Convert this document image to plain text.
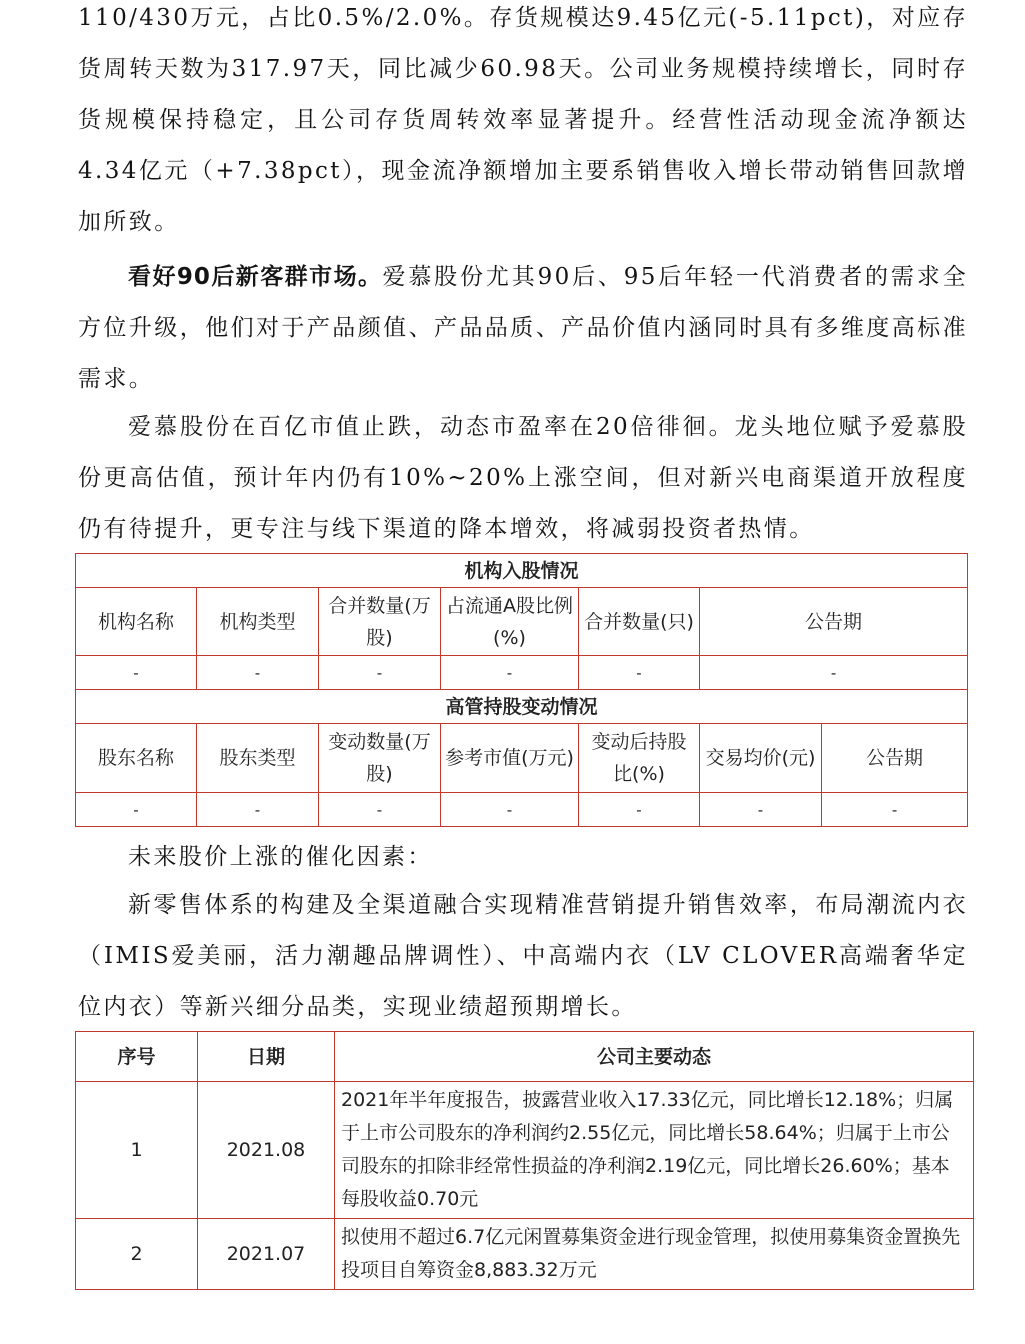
110/430万元，占比0.5%/2.0%。存货规模达9.45亿元(-5.11pct)，对应存货周转天数为317.97天，同比减少60.98天。公司业务规模持续增长，同时存货规模保持稳定，且公司存货周转效率显著提升。经营性活动现金流净额达4.34亿元（+7.38pct），现金流净额增加主要系销售收入增长带动销售回款增加所致。

看好90后新客群市场。爱慕股份尤其90后、95后年轻一代消费者的需求全方位升级，他们对于产品颜值、产品品质、产品价值内涵同时具有多维度高标准需求。

爱慕股份在百亿市值止跌，动态市盈率在20倍徘徊。龙头地位赋予爱慕股份更高估值，预计年内仍有10%~20%上涨空间，但对新兴电商渠道开放程度仍有待提升，更专注与线下渠道的降本增效，将减弱投资者热情。

机构入股情况						
机构名称	机构类型	合并数量(万股)	占流通A股比例(%)	合并数量(只)	公告期	
-	-	-	-	-	-	
高管持股变动情况						
股东名称	股东类型	变动数量(万股)	参考市值(万元)	变动后持股比(%)	交易均价(元)	公告期
-	-	-	-	-	-	-

未来股价上涨的催化因素：

新零售体系的构建及全渠道融合实现精准营销提升销售效率，布局潮流内衣（IMIS爱美丽，活力潮趣品牌调性）、中高端内衣（LV CLOVER高端奢华定位内衣）等新兴细分品类，实现业绩超预期增长。

序号	日期	公司主要动态
1	2021.08	2021年半年度报告，披露营业收入17.33亿元，同比增长12.18%；归属于上市公司股东的净利润约2.55亿元，同比增长58.64%；归属于上市公司股东的扣除非经常性损益的净利润2.19亿元，同比增长26.60%；基本每股收益0.70元
2	2021.07	拟使用不超过6.7亿元闲置募集资金进行现金管理，拟使用募集资金置换先投项目自筹资金8,883.32万元
